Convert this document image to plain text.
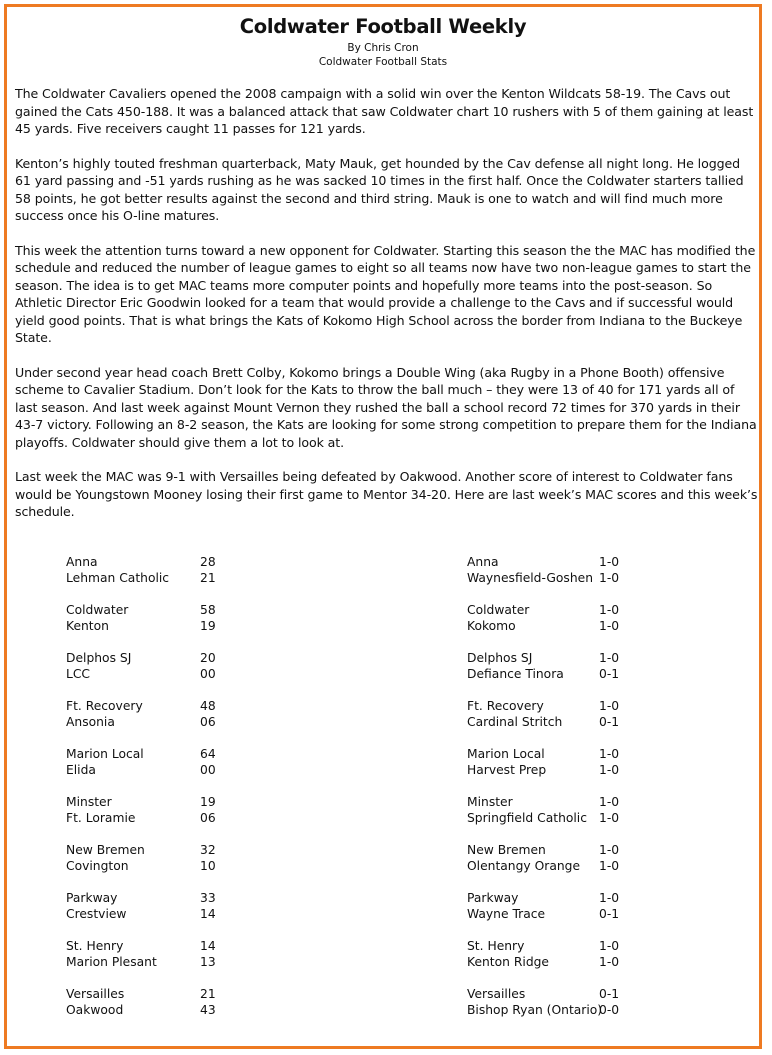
Coldwater Football Weekly
By Chris Cron
Coldwater Football Stats

The Coldwater Cavaliers opened the 2008 campaign with a solid win over the Kenton Wildcats 58-19. The Cavs out gained the Cats 450-188. It was a balanced attack that saw Coldwater chart 10 rushers with 5 of them gaining at least 45 yards. Five receivers caught 11 passes for 121 yards.

Kenton’s highly touted freshman quarterback, Maty Mauk, get hounded by the Cav defense all night long. He logged 61 yard passing and -51 yards rushing as he was sacked 10 times in the first half. Once the Coldwater starters tallied 58 points, he got better results against the second and third string. Mauk is one to watch and will find much more success once his O-line matures.

This week the attention turns toward a new opponent for Coldwater. Starting this season the the MAC has modified the schedule and reduced the number of league games to eight so all teams now have two non-league games to start the season. The idea is to get MAC teams more computer points and hopefully more teams into the post-season. So Athletic Director Eric Goodwin looked for a team that would provide a challenge to the Cavs and if successful would yield good points. That is what brings the Kats of Kokomo High School across the border from Indiana to the Buckeye State.

Under second year head coach Brett Colby, Kokomo brings a Double Wing (aka Rugby in a Phone Booth) offensive scheme to Cavalier Stadium. Don’t look for the Kats to throw the ball much – they were 13 of 40 for 171 yards all of last season. And last week against Mount Vernon they rushed the ball a school record 72 times for 370 yards in their 43-7 victory. Following an 8-2 season, the Kats are looking for some strong competition to prepare them for the Indiana playoffs. Coldwater should give them a lot to look at.

Last week the MAC was 9-1 with Versailles being defeated by Oakwood. Another score of interest to Coldwater fans would be Youngstown Mooney losing their first game to Mentor 34-20. Here are last week’s MAC scores and this week’s schedule.

Anna	28
Lehman Catholic	21
Coldwater	58
Kenton	19
Delphos SJ	20
LCC	00
Ft. Recovery	48
Ansonia	06
Marion Local	64
Elida	00
Minster	19
Ft. Loramie	06
New Bremen	32
Covington	10
Parkway	33
Crestview	14
St. Henry	14
Marion Plesant	13
Versailles	21
Oakwood	43
Anna	1-0
Waynesfield-Goshen 1-0
Coldwater	1-0
Kokomo	1-0
Delphos SJ	1-0
Defiance Tinora	0-1
Ft. Recovery	1-0
Cardinal Stritch	0-1
Marion Local	1-0
Harvest Prep	1-0
Minster	1-0
Springfield Catholic 1-0
New Bremen	1-0
Olentangy Orange 1-0
Parkway	1-0
Wayne Trace	0-1
St. Henry	1-0
Kenton Ridge	1-0
Versailles	0-1
Bishop Ryan (Ontario)0-0
